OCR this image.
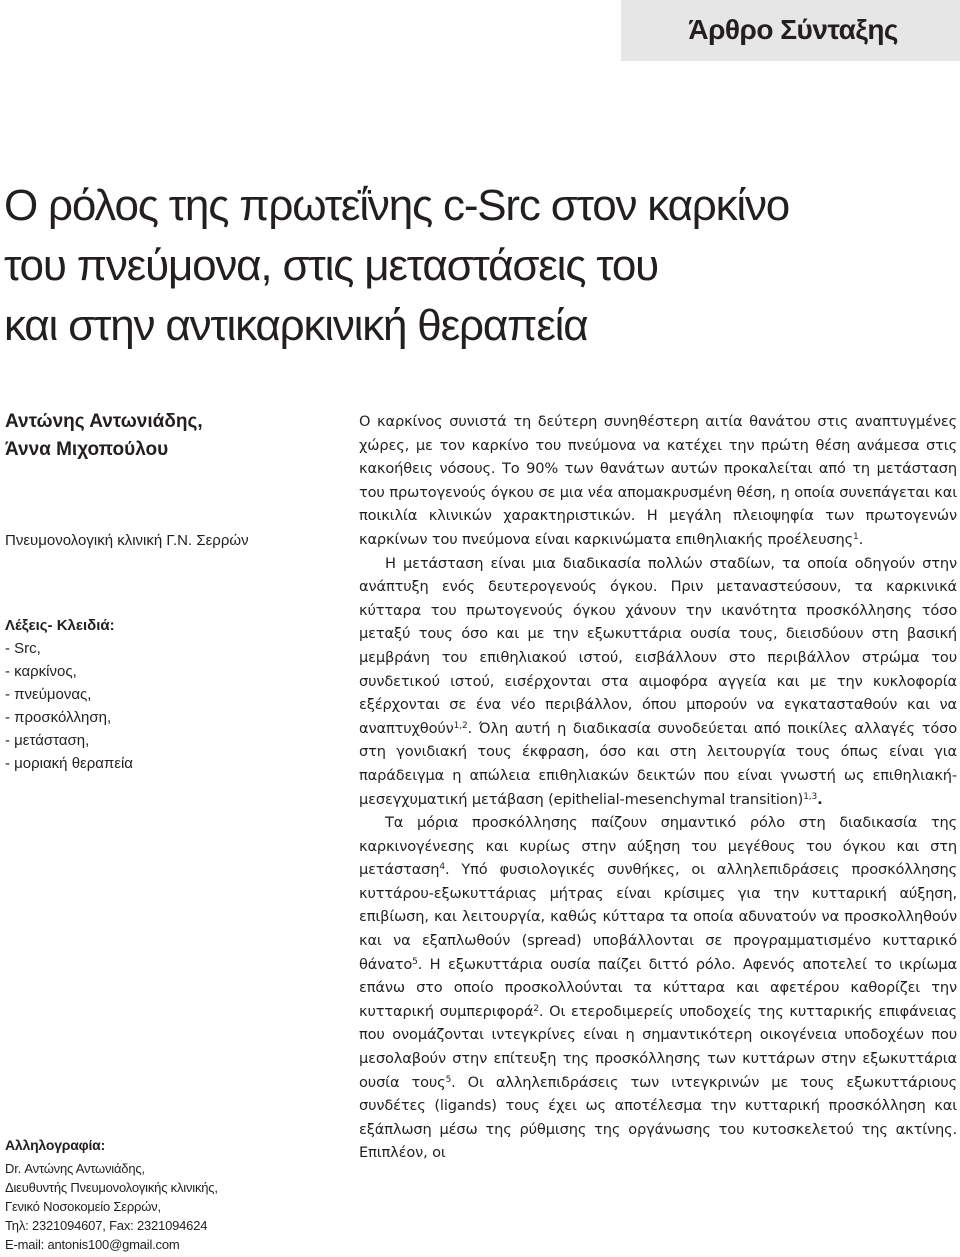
Άρθρο Σύνταξης
Ο ρόλος της πρωτεΐνης c-Src στον καρκίνο
του πνεύμονα, στις μεταστάσεις του
και στην αντικαρκινική θεραπεία
Αντώνης Αντωνιάδης,
Άννα Μιχοπούλου
Πνευμονολογική κλινική Γ.Ν. Σερρών
Λέξεις- Κλειδιά:
- Src,
- καρκίνος,
- πνεύμονας,
- προσκόλληση,
- μετάσταση,
- μοριακή θεραπεία
Αλληλογραφία:
Dr. Αντώνης Αντωνιάδης,
Διευθυντής Πνευμονολογικής κλινικής,
Γενικό Νοσοκομείο Σερρών,
Τηλ: 2321094607, Fax: 2321094624
E-mail: antonis100@gmail.com

Ο καρκίνος συνιστά τη δεύτερη συνηθέστερη αιτία θανάτου στις αναπτυγμένες χώρες, με τον καρκίνο του πνεύμονα να κατέχει την πρώτη θέση ανάμεσα στις κακοήθεις νόσους. Το 90% των θανάτων αυτών προκαλείται από τη μετάσταση του πρωτογενούς όγκου σε μια νέα απομακρυσμένη θέση, η οποία συνεπάγεται και ποικιλία κλινικών χαρακτηριστικών. Η μεγάλη πλειοψηφία των πρωτογενών καρκίνων του πνεύμονα είναι καρκινώματα επιθηλιακής προέλευσης$^1$.

Η μετάσταση είναι μια διαδικασία πολλών σταδίων, τα οποία οδηγούν στην ανάπτυξη ενός δευτερογενούς όγκου. Πριν μεταναστεύσουν, τα καρκινικά κύτταρα του πρωτογενούς όγκου χάνουν την ικανότητα προσκόλλησης τόσο μεταξύ τους όσο και με την εξωκυττάρια ουσία τους, διεισδύουν στη βασική μεμβράνη του επιθηλιακού ιστού, εισβάλλουν στο περιβάλλον στρώμα του συνδετικού ιστού, εισέρχονται στα αιμοφόρα αγγεία και με την κυκλοφορία εξέρχονται σε ένα νέο περιβάλλον, όπου μπορούν να εγκατασταθούν και να αναπτυχθούν$^{1,2}$. Όλη αυτή η διαδικασία συνοδεύεται από ποικίλες αλλαγές τόσο στη γονιδιακή τους έκφραση, όσο και στη λειτουργία τους όπως είναι για παράδειγμα η απώλεια επιθηλιακών δεικτών που είναι γνωστή ως επιθηλιακή-μεσεγχυματική μετάβαση (epithelial-mesenchymal transition)$^{1,3}$.

Τα μόρια προσκόλλησης παίζουν σημαντικό ρόλο στη διαδικασία της καρκινογένεσης και κυρίως στην αύξηση του μεγέθους του όγκου και στη μετάσταση$^4$. Υπό φυσιολογικές συνθήκες, οι αλληλεπιδράσεις προσκόλλησης κυττάρου-εξωκυττάριας μήτρας είναι κρίσιμες για την κυτταρική αύξηση, επιβίωση, και λειτουργία, καθώς κύτταρα τα οποία αδυνατούν να προσκολληθούν και να εξαπλωθούν (spread) υποβάλλονται σε προγραμματισμένο κυτταρικό θάνατο$^5$. Η εξωκυττάρια ουσία παίζει διττό ρόλο. Αφενός αποτελεί το ικρίωμα επάνω στο οποίο προσκολλούνται τα κύτταρα και αφετέρου καθορίζει την κυτταρική συμπεριφορά$^2$. Οι ετεροδιμερείς υποδοχείς της κυτταρικής επιφάνειας που ονομάζονται ιντεγκρίνες είναι η σημαντικότερη οικογένεια υποδοχέων που μεσολαβούν στην επίτευξη της προσκόλλησης των κυττάρων στην εξωκυττάρια ουσία τους$^5$. Οι αλληλεπιδράσεις των ιντεγκρινών με τους εξωκυττάριους συνδέτες (ligands) τους έχει ως αποτέλεσμα την κυτταρική προσκόλληση και εξάπλωση μέσω της ρύθμισης της οργάνωσης του κυτοσκελετού της ακτίνης. Επιπλέον, οι
